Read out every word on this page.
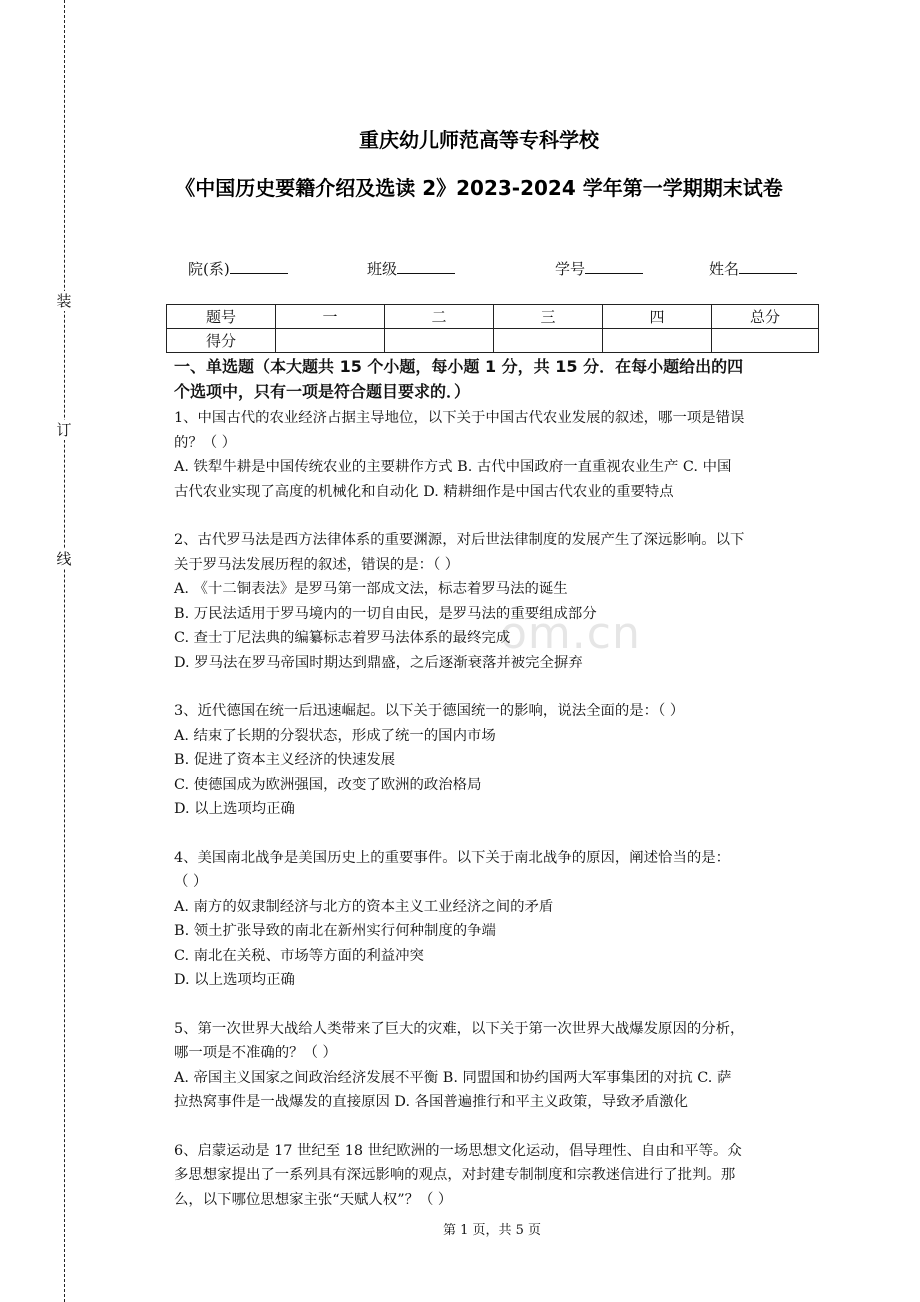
装
订
线
om.cn
重庆幼儿师范高等专科学校
《中国历史要籍介绍及选读 2》2023-2024 学年第一学期期末试卷
院(系)	班级	学号	姓名
题号	一	二	三	四	总分
得分					

一、单选题（本大题共 15 个小题，每小题 1 分，共 15 分．在每小题给出的四
个选项中，只有一项是符合题目要求的．）

1、中国古代的农业经济占据主导地位，以下关于中国古代农业发展的叙述，哪一项是错误

的？（ ）

A. 铁犁牛耕是中国传统农业的主要耕作方式 B. 古代中国政府一直重视农业生产 C. 中国

古代农业实现了高度的机械化和自动化 D. 精耕细作是中国古代农业的重要特点

2、古代罗马法是西方法律体系的重要渊源，对后世法律制度的发展产生了深远影响。以下

关于罗马法发展历程的叙述，错误的是：（ ）

A. 《十二铜表法》是罗马第一部成文法，标志着罗马法的诞生

B. 万民法适用于罗马境内的一切自由民，是罗马法的重要组成部分

C. 查士丁尼法典的编纂标志着罗马法体系的最终完成

D. 罗马法在罗马帝国时期达到鼎盛，之后逐渐衰落并被完全摒弃

3、近代德国在统一后迅速崛起。以下关于德国统一的影响，说法全面的是：（ ）

A. 结束了长期的分裂状态，形成了统一的国内市场

B. 促进了资本主义经济的快速发展

C. 使德国成为欧洲强国，改变了欧洲的政治格局

D. 以上选项均正确

4、美国南北战争是美国历史上的重要事件。以下关于南北战争的原因，阐述恰当的是：

（ ）

A. 南方的奴隶制经济与北方的资本主义工业经济之间的矛盾

B. 领土扩张导致的南北在新州实行何种制度的争端

C. 南北在关税、市场等方面的利益冲突

D. 以上选项均正确

5、第一次世界大战给人类带来了巨大的灾难，以下关于第一次世界大战爆发原因的分析，

哪一项是不准确的？（ ）

A. 帝国主义国家之间政治经济发展不平衡 B. 同盟国和协约国两大军事集团的对抗 C. 萨

拉热窝事件是一战爆发的直接原因 D. 各国普遍推行和平主义政策，导致矛盾激化

6、启蒙运动是 17 世纪至 18 世纪欧洲的一场思想文化运动，倡导理性、自由和平等。众

多思想家提出了一系列具有深远影响的观点，对封建专制制度和宗教迷信进行了批判。那

么，以下哪位思想家主张“天赋人权”？（ ）

第 1 页，共 5 页
